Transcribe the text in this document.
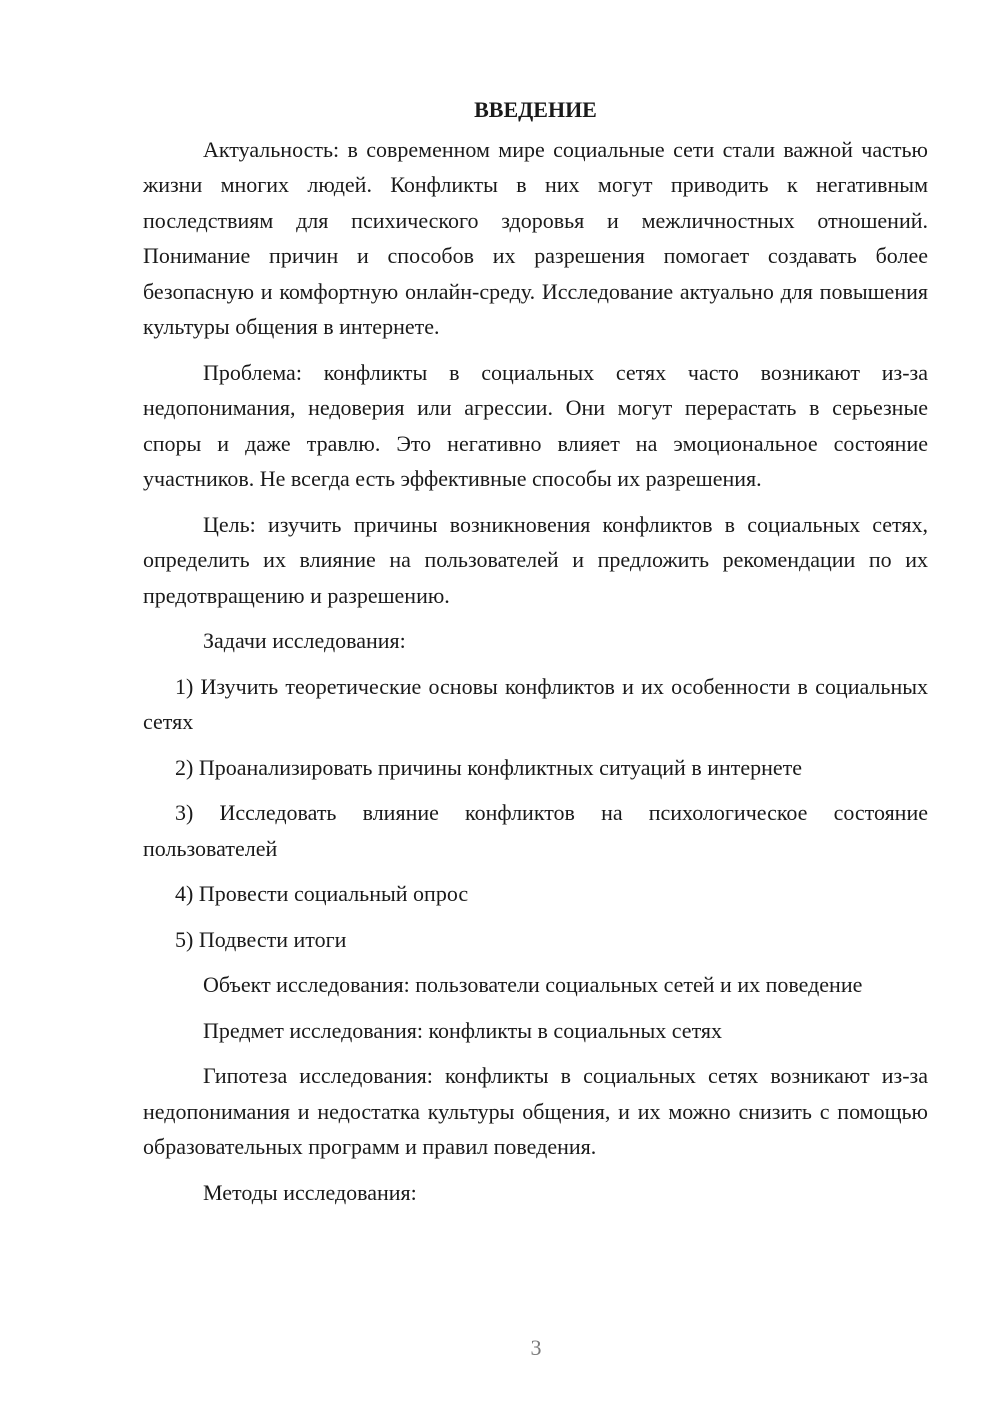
ВВЕДЕНИЕ

Актуальность: в современном мире социальные сети стали важной частью жизни многих людей. Конфликты в них могут приводить к негативным последствиям для психического здоровья и межличностных отношений. Понимание причин и способов их разрешения помогает создавать более безопасную и комфортную онлайн-среду. Исследование актуально для повышения культуры общения в интернете.

Проблема: конфликты в социальных сетях часто возникают из-за недопонимания, недоверия или агрессии. Они могут перерастать в серьезные споры и даже травлю. Это негативно влияет на эмоциональное состояние участников. Не всегда есть эффективные способы их разрешения.

Цель: изучить причины возникновения конфликтов в социальных сетях, определить их влияние на пользователей и предложить рекомендации по их предотвращению и разрешению.

Задачи исследования:

1) Изучить теоретические основы конфликтов и их особенности в социальных сетях

2) Проанализировать причины конфликтных ситуаций в интернете

3) Исследовать влияние конфликтов на психологическое состояние пользователей

4) Провести социальный опрос

5) Подвести итоги

Объект исследования: пользователи социальных сетей и их поведение

Предмет исследования: конфликты в социальных сетях

Гипотеза исследования: конфликты в социальных сетях возникают из-за недопонимания и недостатка культуры общения, и их можно снизить с помощью образовательных программ и правил поведения.

Методы исследования:

3
